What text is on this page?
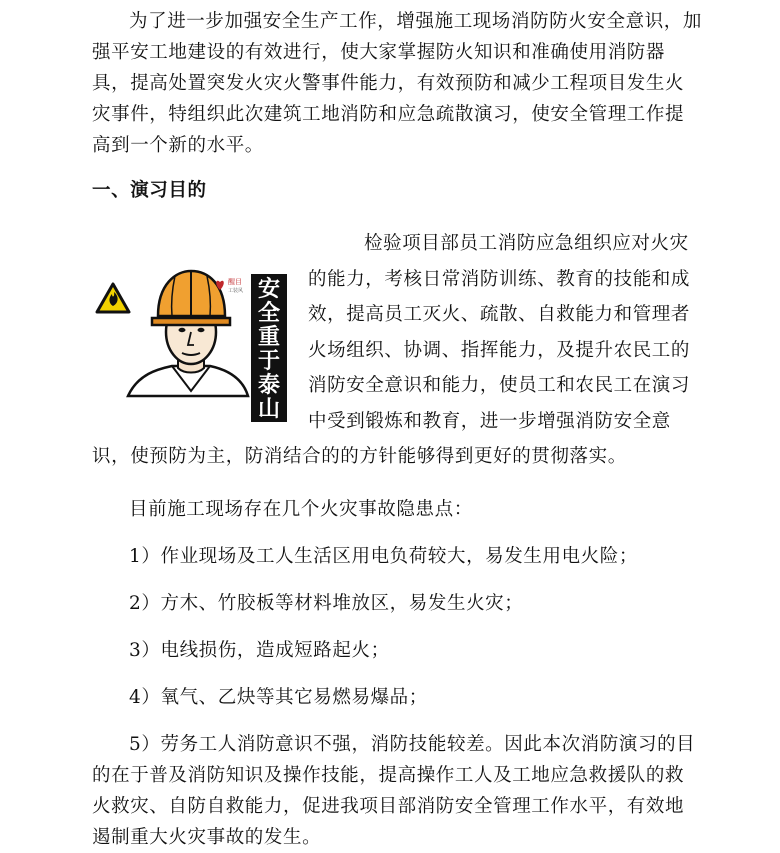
为了进一步加强安全生产工作，增强施工现场消防防火安全意识，加强平安工地建设的有效进行，使大家掌握防火知识和准确使用消防器具，提高处置突发火灾火警事件能力，有效预防和减少工程项目发生火灾事件，特组织此次建筑工地消防和应急疏散演习，使安全管理工作提高到一个新的水平。

一、演习目的
醒目
工装风 安全重于泰山

检验项目部员工消防应急组织应对火灾的能力，考核日常消防训练、教育的技能和成效，提高员工灭火、疏散、自救能力和管理者火场组织、协调、指挥能力，及提升农民工的消防安全意识和能力，使员工和农民工在演习中受到锻炼和教育，进一步增强消防安全意识，使预防为主，防消结合的的方针能够得到更好的贯彻落实。

目前施工现场存在几个火灾事故隐患点：

1）作业现场及工人生活区用电负荷较大，易发生用电火险；

2）方木、竹胶板等材料堆放区，易发生火灾；

3）电线损伤，造成短路起火；

4）氧气、乙炔等其它易燃易爆品；

5）劳务工人消防意识不强，消防技能较差。因此本次消防演习的目的在于普及消防知识及操作技能，提高操作工人及工地应急救援队的救火救灾、自防自救能力，促进我项目部消防安全管理工作水平，有效地遏制重大火灾事故的发生。
